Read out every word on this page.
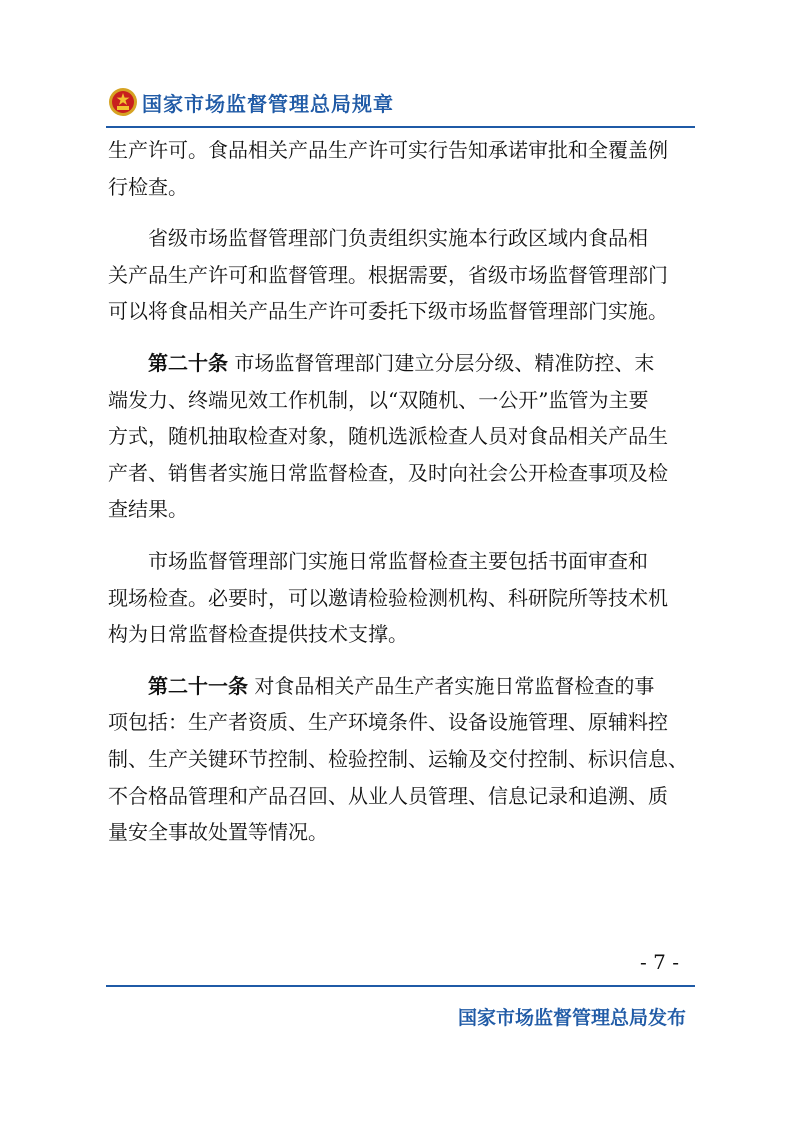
国家市场监督管理总局规章

生产许可。食品相关产品生产许可实行告知承诺审批和全覆盖例
行检查。

省级市场监督管理部门负责组织实施本行政区域内食品相
关产品生产许可和监督管理。根据需要，省级市场监督管理部门
可以将食品相关产品生产许可委托下级市场监督管理部门实施。

第二十条 市场监督管理部门建立分层分级、精准防控、末
端发力、终端见效工作机制，以“双随机、一公开”监管为主要
方式，随机抽取检查对象，随机选派检查人员对食品相关产品生
产者、销售者实施日常监督检查，及时向社会公开检查事项及检
查结果。

市场监督管理部门实施日常监督检查主要包括书面审查和
现场检查。必要时，可以邀请检验检测机构、科研院所等技术机
构为日常监督检查提供技术支撑。

第二十一条 对食品相关产品生产者实施日常监督检查的事
项包括：生产者资质、生产环境条件、设备设施管理、原辅料控
制、生产关键环节控制、检验控制、运输及交付控制、标识信息、
不合格品管理和产品召回、从业人员管理、信息记录和追溯、质
量安全事故处置等情况。

- 7 -
国家市场监督管理总局发布
